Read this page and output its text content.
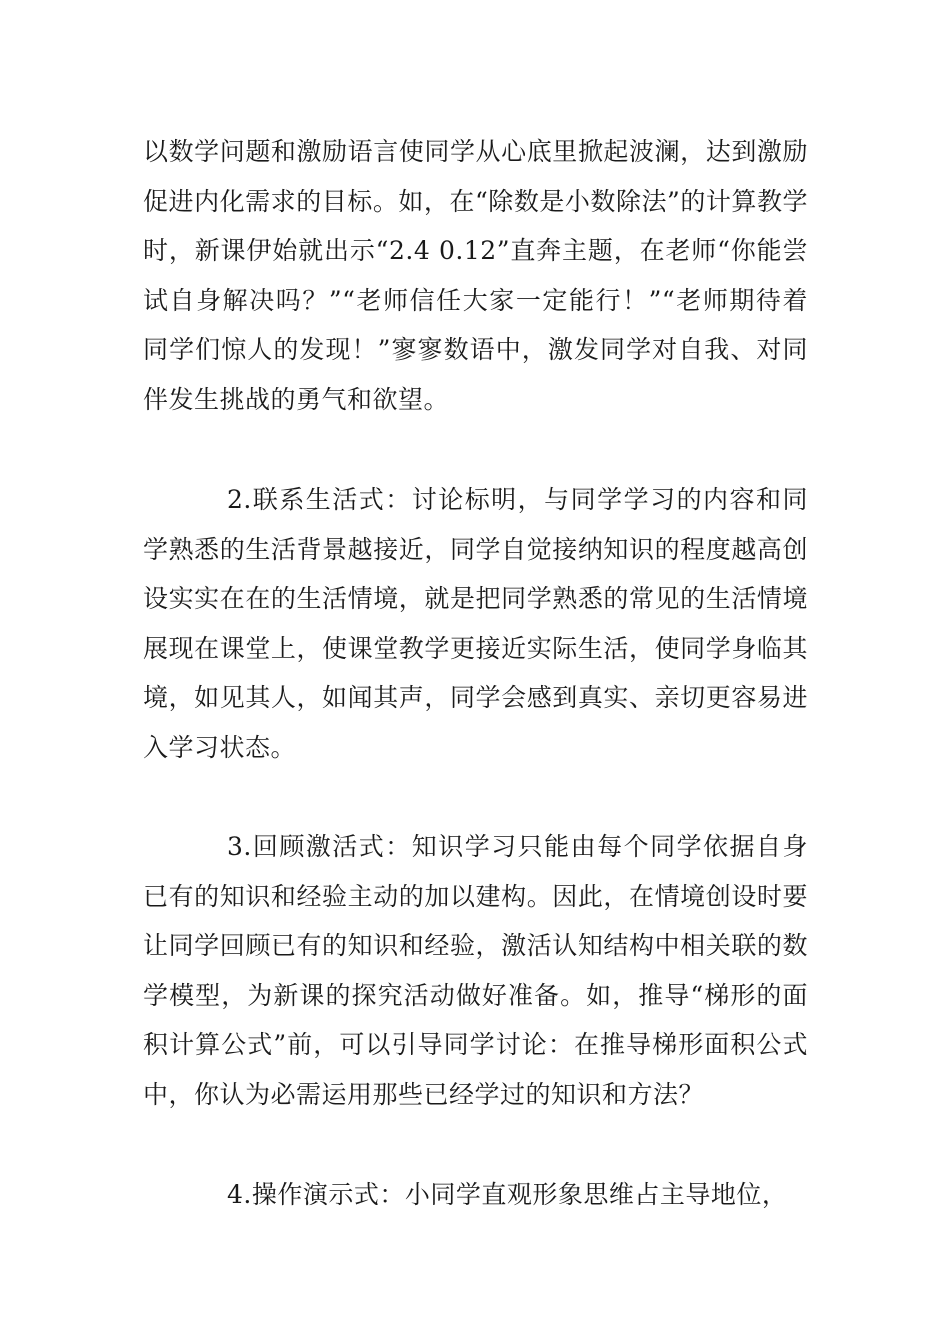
以数学问题和激励语言使同学从心底里掀起波澜，达到激励促进内化需求的目标。如，在“除数是小数除法”的计算教学时，新课伊始就出示“2.4 0.12”直奔主题，在老师“你能尝试自身解决吗？”“老师信任大家一定能行！”“老师期待着同学们惊人的发现！”寥寥数语中，激发同学对自我、对同伴发生挑战的勇气和欲望。

2.联系生活式：讨论标明，与同学学习的内容和同学熟悉的生活背景越接近，同学自觉接纳知识的程度越高创设实实在在的生活情境，就是把同学熟悉的常见的生活情境展现在课堂上，使课堂教学更接近实际生活，使同学身临其境，如见其人，如闻其声，同学会感到真实、亲切更容易进入学习状态。

3.回顾激活式：知识学习只能由每个同学依据自身已有的知识和经验主动的加以建构。因此，在情境创设时要让同学回顾已有的知识和经验，激活认知结构中相关联的数学模型，为新课的探究活动做好准备。如，推导“梯形的面积计算公式”前，可以引导同学讨论：在推导梯形面积公式中，你认为必需运用那些已经学过的知识和方法？

4.操作演示式：小同学直观形象思维占主导地位，
